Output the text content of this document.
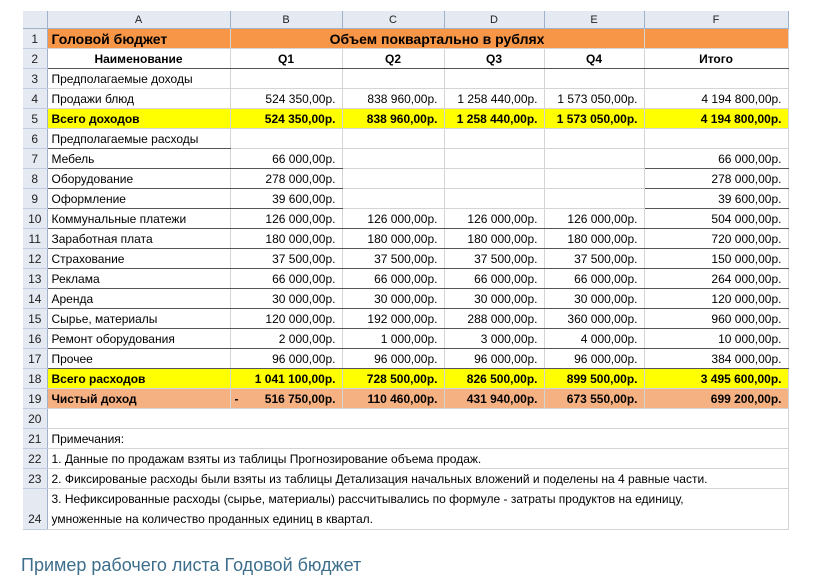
	A	B	C	D	E	F
1	Головой бюджет	Объем поквартально в рублях				
2	Наименование	Q1	Q2	Q3	Q4	Итого
3	Предполагаемые доходы					
4	Продажи блюд	524 350,00р.	838 960,00р.	1 258 440,00р.	1 573 050,00р.	4 194 800,00р.
5	Всего доходов	524 350,00р.	838 960,00р.	1 258 440,00р.	1 573 050,00р.	4 194 800,00р.
6	Предполагаемые расходы					
7	Мебель	66 000,00р.				66 000,00р.
8	Оборудование	278 000,00р.				278 000,00р.
9	Оформление	39 600,00р.				39 600,00р.
10	Коммунальные платежи	126 000,00р.	126 000,00р.	126 000,00р.	126 000,00р.	504 000,00р.
11	Заработная плата	180 000,00р.	180 000,00р.	180 000,00р.	180 000,00р.	720 000,00р.
12	Страхование	37 500,00р.	37 500,00р.	37 500,00р.	37 500,00р.	150 000,00р.
13	Реклама	66 000,00р.	66 000,00р.	66 000,00р.	66 000,00р.	264 000,00р.
14	Аренда	30 000,00р.	30 000,00р.	30 000,00р.	30 000,00р.	120 000,00р.
15	Сырье, материалы	120 000,00р.	192 000,00р.	288 000,00р.	360 000,00р.	960 000,00р.
16	Ремонт оборудования	2 000,00р.	1 000,00р.	3 000,00р.	4 000,00р.	10 000,00р.
17	Прочее	96 000,00р.	96 000,00р.	96 000,00р.	96 000,00р.	384 000,00р.
18	Всего расходов	1 041 100,00р.	728 500,00р.	826 500,00р.	899 500,00р.	3 495 600,00р.
19	Чистый доход	- 516 750,00р.	110 460,00р.	431 940,00р.	673 550,00р.	699 200,00р.
20						
21	Примечания:					
22	1. Данные по продажам взяты из таблицы Прогнозирование объема продаж.					
23	2. Фиксированые расходы были взяты из таблицы Детализация начальных вложений и поделены на 4 равные части.					
24	3. Нефиксированные расходы (сырье, материалы) рассчитывались по формуле - затраты продуктов на единицу,
умноженные на количество проданных единиц в квартал.					
Пример рабочего листа Годовой бюджет
